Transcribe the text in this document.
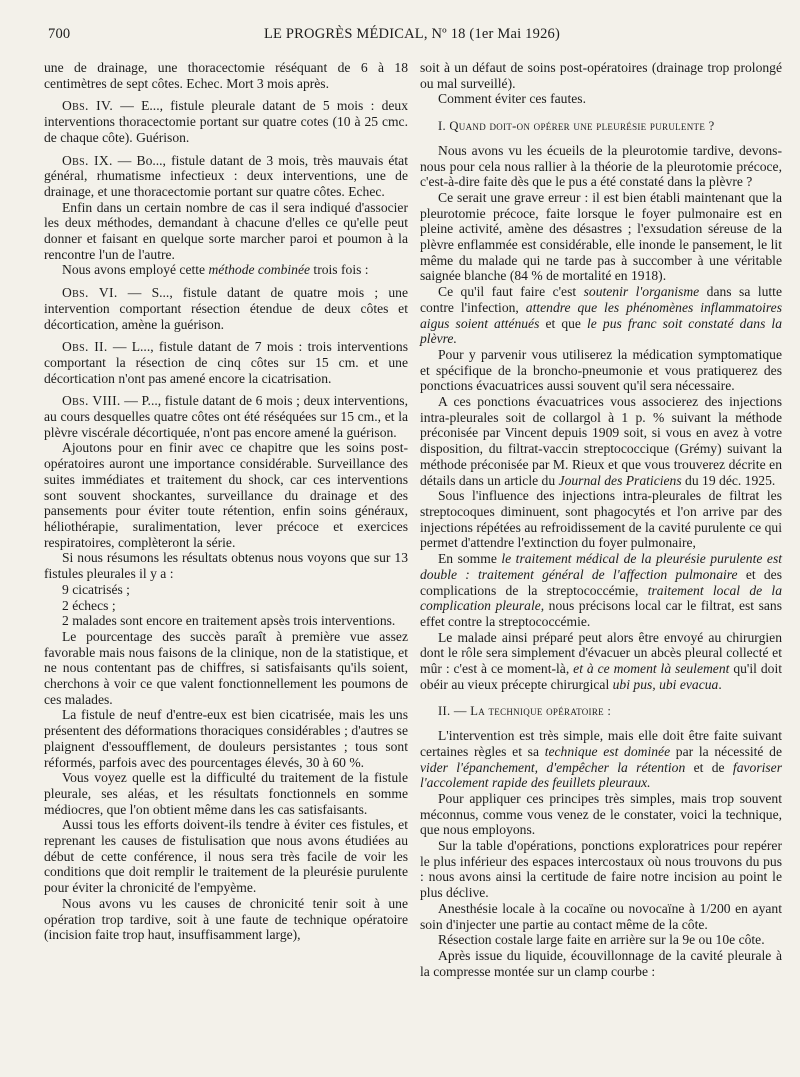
700	LE PROGRÈS MÉDICAL, Nº 18 (1er Mai 1926)

une de drainage, une thoracectomie réséquant de 6 à 18 centimètres de sept côtes. Echec. Mort 3 mois après.

Obs. IV. — E..., fistule pleurale datant de 5 mois : deux interventions thoracectomie portant sur quatre cotes (10 à 25 cmc. de chaque côte). Guérison.

Obs. IX. — Bo..., fistule datant de 3 mois, très mauvais état général, rhumatisme infectieux : deux interventions, une de drainage, et une thoracectomie portant sur quatre côtes. Echec.

Enfin dans un certain nombre de cas il sera indiqué d'associer les deux méthodes, demandant à chacune d'elles ce qu'elle peut donner et faisant en quelque sorte marcher paroi et poumon à la rencontre l'un de l'autre.

Nous avons employé cette méthode combinée trois fois :

Obs. VI. — S..., fistule datant de quatre mois ; une intervention comportant résection étendue de deux côtes et décortication, amène la guérison.

Obs. II. — L..., fistule datant de 7 mois : trois interventions comportant la résection de cinq côtes sur 15 cm. et une décortication n'ont pas amené encore la cicatrisation.

Obs. VIII. — P..., fistule datant de 6 mois ; deux interventions, au cours desquelles quatre côtes ont été réséquées sur 15 cm., et la plèvre viscérale décortiquée, n'ont pas encore amené la guérison.

Ajoutons pour en finir avec ce chapitre que les soins post-opératoires auront une importance considérable. Surveillance des suites immédiates et traitement du shock, car ces interventions sont souvent shockantes, surveillance du drainage et des pansements pour éviter toute rétention, enfin soins généraux, héliothérapie, suralimentation, lever précoce et exercices respiratoires, complèteront la série.

Si nous résumons les résultats obtenus nous voyons que sur 13 fistules pleurales il y a :

9 cicatrisés ;

2 échecs ;

2 malades sont encore en traitement apsès trois interventions.

Le pourcentage des succès paraît à première vue assez favorable mais nous faisons de la clinique, non de la statistique, et ne nous contentant pas de chiffres, si satisfaisants qu'ils soient, cherchons à voir ce que valent fonctionnellement les poumons de ces malades.

La fistule de neuf d'entre-eux est bien cicatrisée, mais les uns présentent des déformations thoraciques considérables ; d'autres se plaignent d'essoufflement, de douleurs persistantes ; tous sont réformés, parfois avec des pourcentages élevés, 30 à 60 %.

Vous voyez quelle est la difficulté du traitement de la fistule pleurale, ses aléas, et les résultats fonctionnels en somme médiocres, que l'on obtient même dans les cas satisfaisants.

Aussi tous les efforts doivent-ils tendre à éviter ces fistules, et reprenant les causes de fistulisation que nous avons étudiées au début de cette conférence, il nous sera très facile de voir les conditions que doit remplir le traitement de la pleurésie purulente pour éviter la chronicité de l'empyème.

Nous avons vu les causes de chronicité tenir soit à une opération trop tardive, soit à une faute de technique opératoire (incision faite trop haut, insuffisamment large),

soit à un défaut de soins post-opératoires (drainage trop prolongé ou mal surveillé).

Comment éviter ces fautes.

I. Quand doit-on opérer une pleurésie purulente ?

Nous avons vu les écueils de la pleurotomie tardive, devons-nous pour cela nous rallier à la théorie de la pleurotomie précoce, c'est-à-dire faite dès que le pus a été constaté dans la plèvre ?

Ce serait une grave erreur : il est bien établi maintenant que la pleurotomie précoce, faite lorsque le foyer pulmonaire est en pleine activité, amène des désastres ; l'exsudation séreuse de la plèvre enflammée est considérable, elle inonde le pansement, le lit même du malade qui ne tarde pas à succomber à une véritable saignée blanche (84 % de mortalité en 1918).

Ce qu'il faut faire c'est soutenir l'organisme dans sa lutte contre l'infection, attendre que les phénomènes inflammatoires aigus soient atténués et que le pus franc soit constaté dans la plèvre.

Pour y parvenir vous utiliserez la médication symptomatique et spécifique de la broncho-pneumonie et vous pratiquerez des ponctions évacuatrices aussi souvent qu'il sera nécessaire.

A ces ponctions évacuatrices vous associerez des injections intra-pleurales soit de collargol à 1 p. % suivant la méthode préconisée par Vincent depuis 1909 soit, si vous en avez à votre disposition, du filtrat-vaccin streptococcique (Grémy) suivant la méthode préconisée par M. Rieux et que vous trouverez décrite en détails dans un article du Journal des Praticiens du 19 déc. 1925.

Sous l'influence des injections intra-pleurales de filtrat les streptocoques diminuent, sont phagocytés et l'on arrive par des injections répétées au refroidissement de la cavité purulente ce qui permet d'attendre l'extinction du foyer pulmonaire,

En somme le traitement médical de la pleurésie purulente est double : traitement général de l'affection pulmonaire et des complications de la streptococcémie, traitement local de la complication pleurale, nous précisons local car le filtrat, est sans effet contre la streptococcémie.

Le malade ainsi préparé peut alors être envoyé au chirurgien dont le rôle sera simplement d'évacuer un abcès pleural collecté et mûr : c'est à ce moment-là, et à ce moment là seulement qu'il doit obéir au vieux précepte chirurgical ubi pus, ubi evacua.

II. — La technique opératoire :

L'intervention est très simple, mais elle doit être faite suivant certaines règles et sa technique est dominée par la nécessité de vider l'épanchement, d'empêcher la rétention et de favoriser l'accolement rapide des feuillets pleuraux.

Pour appliquer ces principes très simples, mais trop souvent méconnus, comme vous venez de le constater, voici la technique, que nous employons.

Sur la table d'opérations, ponctions exploratrices pour repérer le plus inférieur des espaces intercostaux où nous trouvons du pus : nous avons ainsi la certitude de faire notre incision au point le plus déclive.

Anesthésie locale à la cocaïne ou novocaïne à 1/200 en ayant soin d'injecter une partie au contact même de la côte.

Résection costale large faite en arrière sur la 9e ou 10e côte.

Après issue du liquide, écouvillonnage de la cavité pleurale à la compresse montée sur un clamp courbe :
